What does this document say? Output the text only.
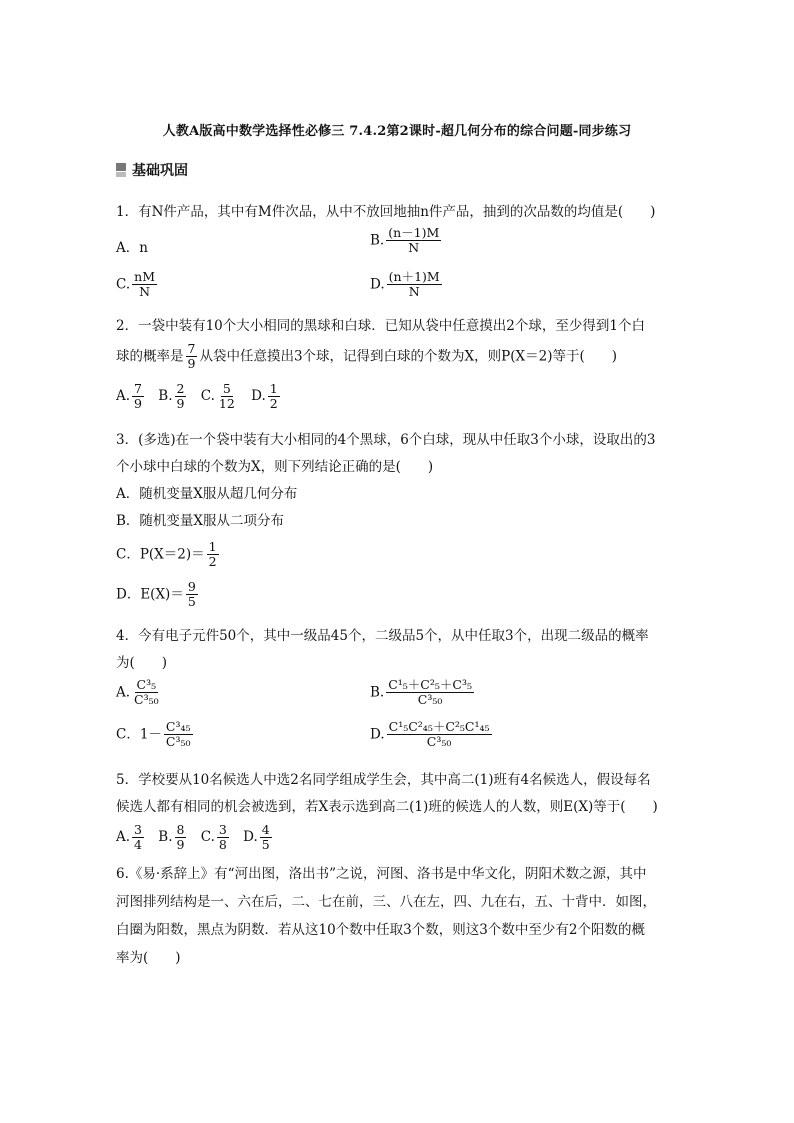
人教A版高中数学选择性必修三 7.4.2第2课时-超几何分布的综合问题-同步练习
基础巩固
1．有N件产品，其中有M件次品，从中不放回地抽n件产品，抽到的次品数的均值是(　　)
A．n	B. $\frac{(n-1)M}{N}$
C. $\frac{nM}{N}$	D. $\frac{(n+1)M}{N}$
2．一袋中装有10个大小相同的黑球和白球．已知从袋中任意摸出2个球，至少得到1个白
球的概率是 $\frac{7}{9}$ 从袋中任意摸出3个球，记得到白球的个数为X，则P(X＝2)等于(　　)
A. $\frac{7}{9} B$. $\frac{2}{9} C$. $\frac{5}{12} D$. $\frac{1}{2}$
3．(多选)在一个袋中装有大小相同的4个黑球，6个白球，现从中任取3个小球，设取出的3
个小球中白球的个数为X，则下列结论正确的是(　　)
A．随机变量X服从超几何分布
B．随机变量X服从二项分布
C．$P(X=2)= \frac{1}{2}$
D．$E(X)= \frac{9}{5}$
4．今有电子元件50个，其中一级品45个，二级品5个，从中任取3个，出现二级品的概率
为(　　)
A. $\frac{\text{C³₅}}{\text{C³₅₀}}$	B. $\frac{\text{C¹₅＋C²₅＋C³₅}}{\text{C³₅₀}}$
C．$1- \frac{\text{C³₄₅}}{\text{C³₅₀}}$	D. $\frac{\text{C¹₅C²₄₅＋C²₅C¹₄₅}}{\text{C³₅₀}}$
5．学校要从10名候选人中选2名同学组成学生会，其中高二(1)班有4名候选人，假设每名
候选人都有相同的机会被选到，若X表示选到高二(1)班的候选人的人数，则E(X)等于(　　)
A. $\frac{3}{4} B$. $\frac{8}{9} C$. $\frac{3}{8} D$. $\frac{4}{5}$
6.《易·系辞上》有“河出图，洛出书”之说，河图、洛书是中华文化，阴阳术数之源，其中
河图排列结构是一、六在后，二、七在前，三、八在左，四、九在右，五、十背中．如图，
白圈为阳数，黑点为阴数．若从这10个数中任取3个数，则这3个数中至少有2个阳数的概
率为(　　)
